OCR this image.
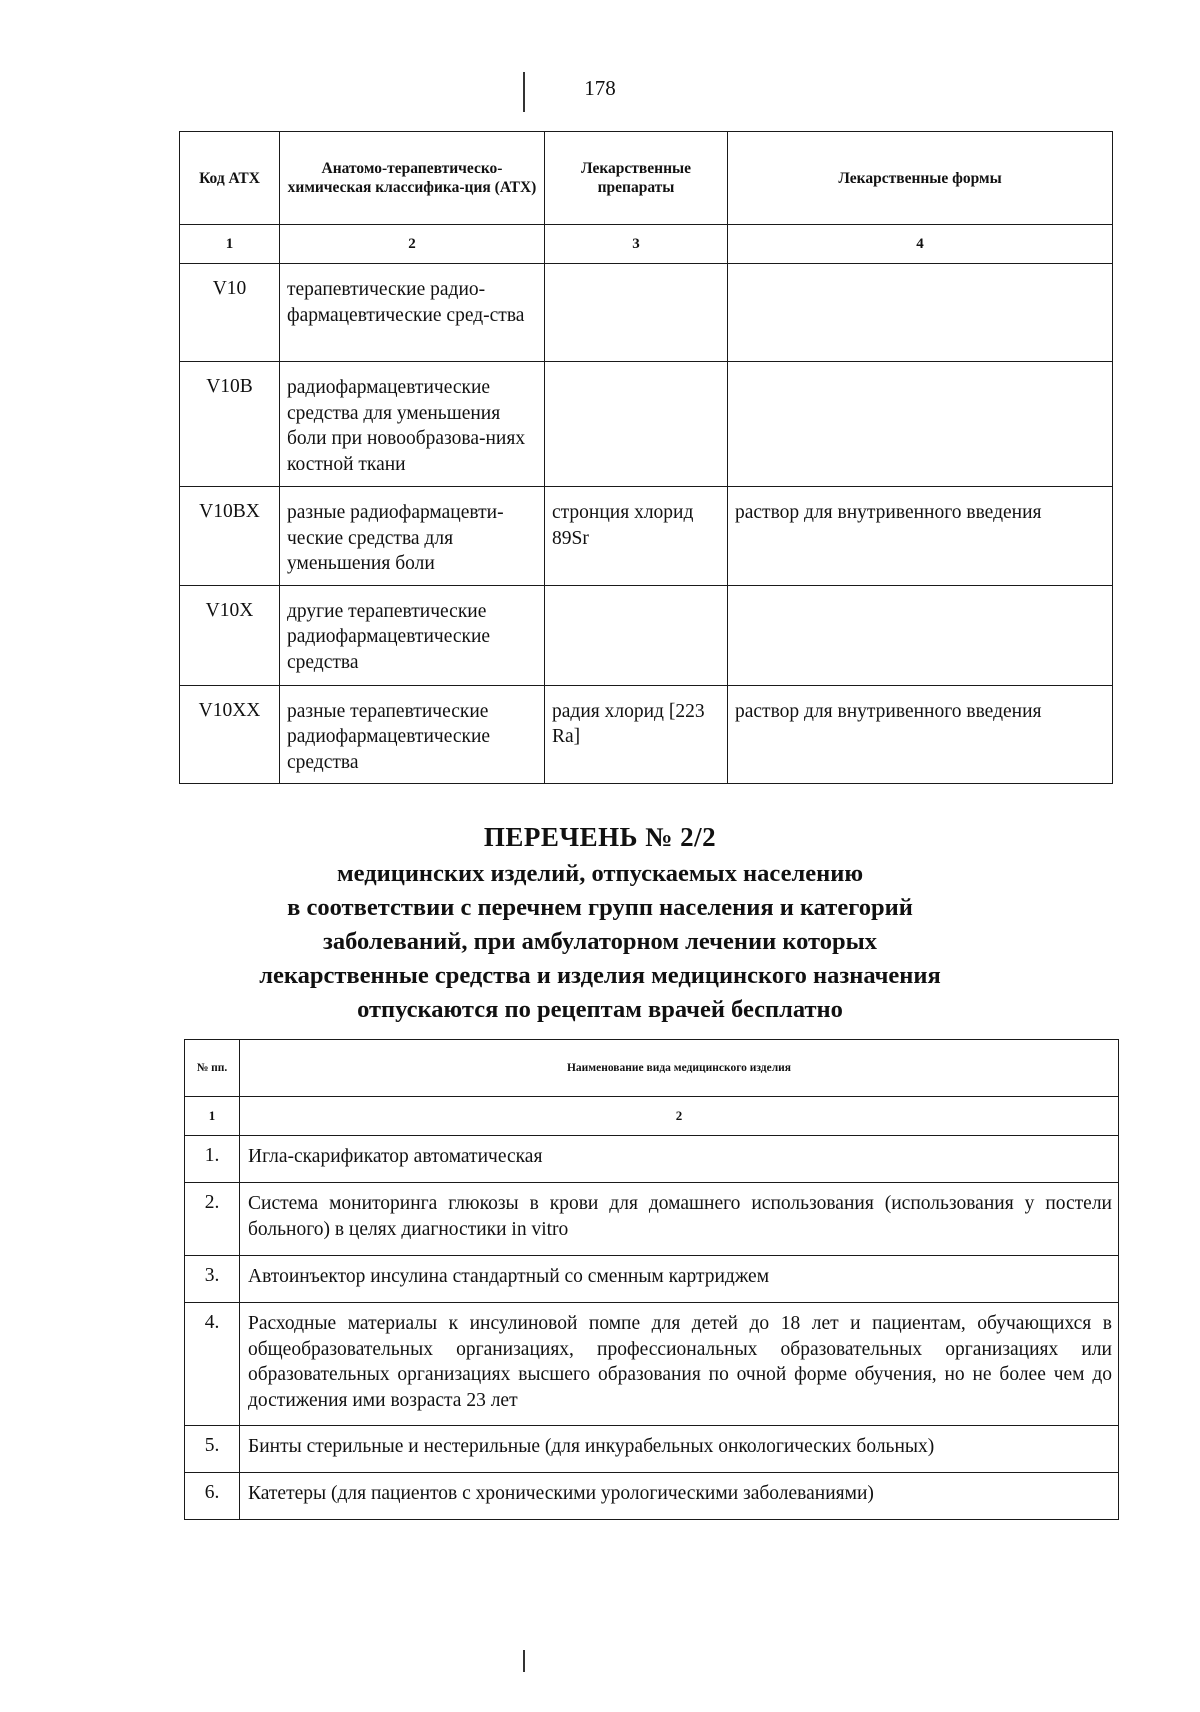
178
Код АТХ	Анатомо-терапевтическо-химическая классифика-ция (АТХ)	Лекарственные препараты	Лекарственные формы
1	2	3	4
V10	терапевтические радио-фармацевтические сред-ства		
V10B	радиофармацевтические средства для уменьшения боли при новообразова-ниях костной ткани		
V10BX	разные радиофармацевти-ческие средства для уменьшения боли	стронция хлорид 89Sr	раствор для внутривенного введения
V10X	другие терапевтические радиофармацевтические средства		
V10XX	разные терапевтические радиофармацевтические средства	радия хлорид [223 Ra]	раствор для внутривенного введения
ПЕРЕЧЕНЬ № 2/2
медицинских изделий, отпускаемых населению
в соответствии с перечнем групп населения и категорий
заболеваний, при амбулаторном лечении которых
лекарственные средства и изделия медицинского назначения
отпускаются по рецептам врачей бесплатно
№ пп.	Наименование вида медицинского изделия
1	2
1.	Игла-скарификатор автоматическая
2.	Система мониторинга глюкозы в крови для домашнего использования (использования у постели больного) в целях диагностики in vitro
3.	Автоинъектор инсулина стандартный со сменным картриджем
4.	Расходные материалы к инсулиновой помпе для детей до 18 лет и пациентам, обучающихся в общеобразовательных организациях, профессиональных образовательных организациях или образовательных организациях высшего образования по очной форме обучения, но не более чем до достижения ими возраста 23 лет
5.	Бинты стерильные и нестерильные (для инкурабельных онкологических больных)
6.	Катетеры (для пациентов с хроническими урологическими заболеваниями)
